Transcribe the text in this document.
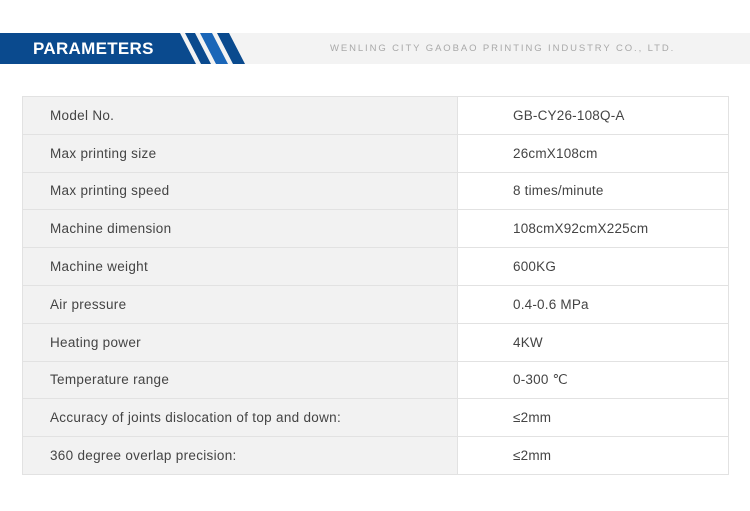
PARAMETERS	WENLING CITY GAOBAO PRINTING INDUSTRY CO., LTD.
Model No.	GB-CY26-108Q-A
Max printing size	26cmX108cm
Max printing speed	8 times/minute
Machine dimension	108cmX92cmX225cm
Machine weight	600KG
Air pressure	0.4-0.6 MPa
Heating power	4KW
Temperature range	0-300 ℃
Accuracy of joints dislocation of top and down:	≤2mm
360 degree overlap precision:	≤2mm
